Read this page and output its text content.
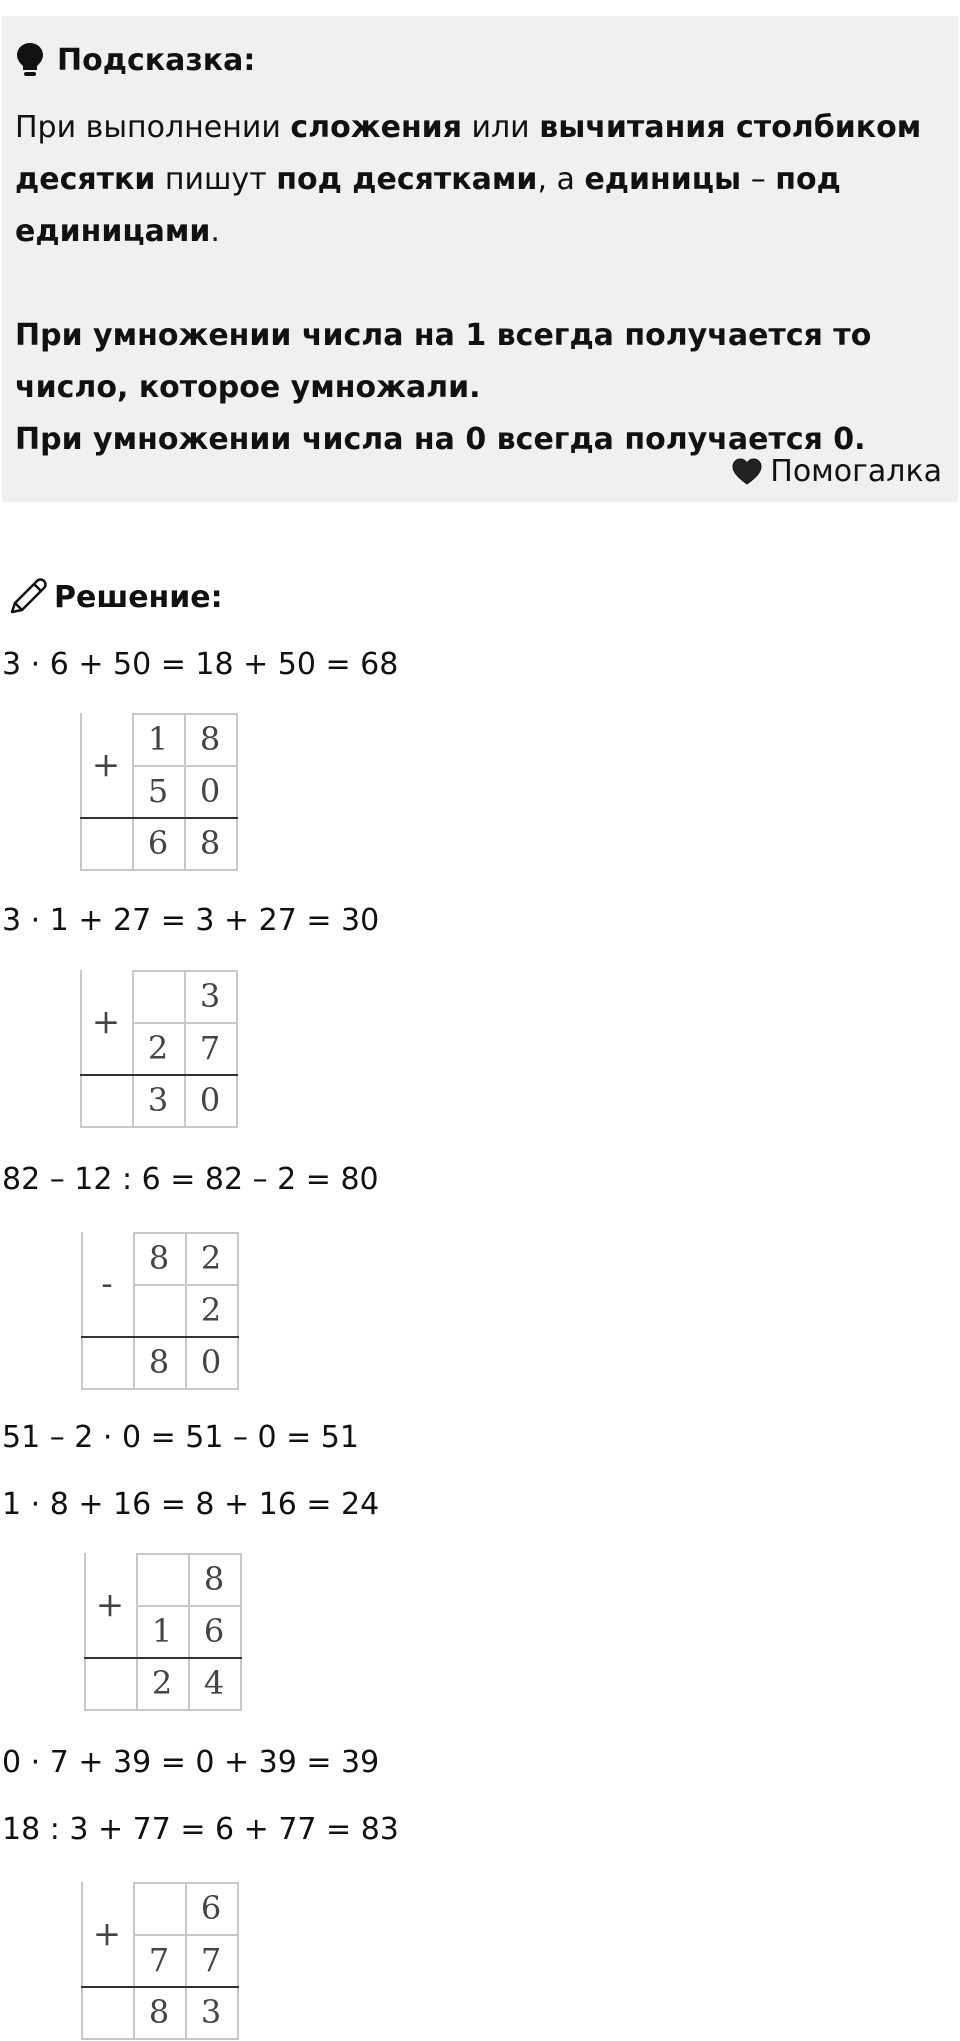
Подсказка:

При выполнении сложения или вычитания столбиком десятки пишут под десятками, а единицы – под единицами.

При умножении числа на 1 всегда получается то число, которое умножали.

При умножении числа на 0 всегда получается 0.

Помогалка
Решение:
3 · 6 + 50 = 18 + 50 = 68
+
1 8
5 0
6 8
3 · 1 + 27 = 3 + 27 = 30
+
3
2 7
3 0
82 – 12 : 6 = 82 – 2 = 80
-
8 2
2
8 0
51 – 2 · 0 = 51 – 0 = 51
1 · 8 + 16 = 8 + 16 = 24
+
8
1 6
2 4
0 · 7 + 39 = 0 + 39 = 39
18 : 3 + 77 = 6 + 77 = 83
+
6
7 7
8 3
